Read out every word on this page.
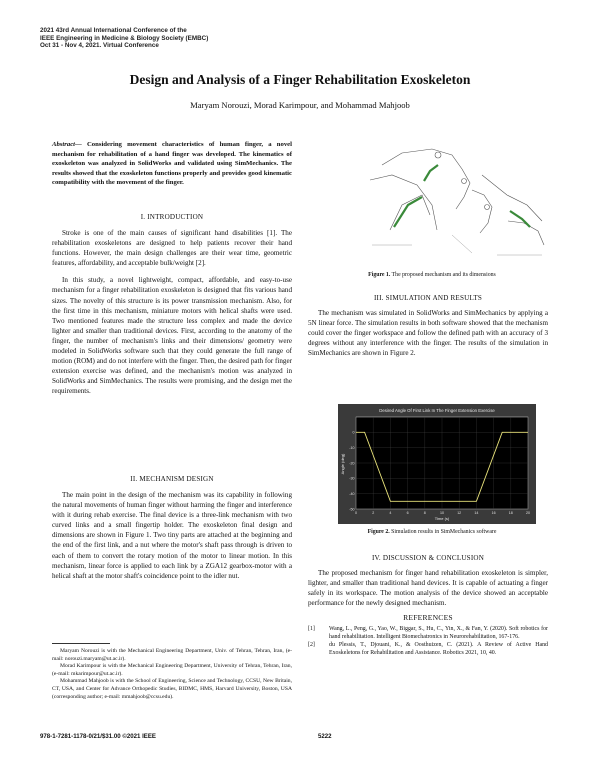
2021 43rd Annual International Conference of the
IEEE Engineering in Medicine & Biology Society (EMBC)
Oct 31 - Nov 4, 2021. Virtual Conference
Design and Analysis of a Finger Rehabilitation Exoskeleton
Maryam Norouzi, Morad Karimpour, and Mohammad Mahjoob
Abstract— Considering movement characteristics of human finger, a novel mechanism for rehabilitation of a hand finger was developed. The kinematics of exoskeleton was analyzed in SolidWorks and validated using SimMechanics. The results showed that the exoskeleton functions properly and provides good kinematic compatibility with the movement of the finger.
I. INTRODUCTION

Stroke is one of the main causes of significant hand disabilities [1]. The rehabilitation exoskeletons are designed to help patients recover their hand functions. However, the main design challenges are their wear time, geometric features, affordability, and acceptable bulk/weight [2].

In this study, a novel lightweight, compact, affordable, and easy-to-use mechanism for a finger rehabilitation exoskeleton is designed that fits various hand sizes. The novelty of this structure is its power transmission mechanism. Also, for the first time in this mechanism, miniature motors with helical shafts were used. Two mentioned features made the structure less complex and made the device lighter and smaller than traditional devices. First, according to the anatomy of the finger, the number of mechanism's links and their dimensions/ geometry were modeled in SolidWorks software such that they could generate the full range of motion (ROM) and do not interfere with the finger. Then, the desired path for finger extension exercise was defined, and the mechanism's motion was analyzed in SolidWorks and SimMechanics. The results were promising, and the design met the requirements.

II. MECHANISM DESIGN

The main point in the design of the mechanism was its capability in following the natural movements of human finger without harming the finger and interference with it during rehab exercise. The final device is a three-link mechanism with two curved links and a small fingertip holder. The exoskeleton final design and dimensions are shown in Figure 1. Two tiny parts are attached at the beginning and the end of the first link, and a nut where the motor's shaft pass through is driven to each of them to convert the rotary motion of the motor to linear motion. In this mechanism, linear force is applied to each link by a ZGA12 gearbox-motor with a helical shaft at the motor shaft's coincidence point to the idler nut.

Maryam Norouzi is with the Mechanical Engineering Department, Univ. of Tehran, Tehran, Iran, (e-mail: norouzi.maryam@ut.ac.ir).

Morad Karimpour is with the Mechanical Engineering Department, University of Tehran, Tehran, Iran, (e-mail: mkarimpour@ut.ac.ir).

Mohammad Mahjoob is with the School of Engineering, Science and Technology, CCSU, New Britain, CT, USA, and Center for Advance Orthopedic Studies, BIDMC, HMS, Harvard University, Boston, USA (corresponding author; e-mail: mmahjoob@ccsu.edu).

Figure 1. The proposed mechanism and its dimensions
III. SIMULATION AND RESULTS

The mechanism was simulated in SolidWorks and SimMechanics by applying a 5N linear force. The simulation results in both software showed that the mechanism could cover the finger workspace and follow the defined path with an accuracy of 3 degrees without any interference with the finger. The results of the simulation in SimMechanics are shown in Figure 2.

Desired Angle Of First Link In The Finger Extension Exercise
0	2	4	6	8	10	12	14	16	18	20
0
-10
-20
-30
-40
-50
Time (s)
Angle (deg)
Figure 2. Simulation results in SimMechanics software
IV. DISCUSSION & CONCLUSION

The proposed mechanism for finger hand rehabilitation exoskeleton is simpler, lighter, and smaller than traditional hand devices. It is capable of actuating a finger safely in its workspace. The motion analysis of the device showed an acceptable performance for the newly designed mechanism.

REFERENCES
[1]	Wang, L., Peng, G., Yao, W., Biggar, S., Hu, C., Yin, X., & Fan, Y. (2020). Soft robotics for hand rehabilitation. Intelligent Biomechatronics in Neurorehabilitation, 167-176.
[2]	du Plessis, T., Djouani, K., & Oosthuizen, C. (2021). A Review of Active Hand Exoskeletons for Rehabilitation and Assistance. Robotics 2021, 10, 40.
978-1-7281-1178-0/21/$31.00 ©2021 IEEE	5222
